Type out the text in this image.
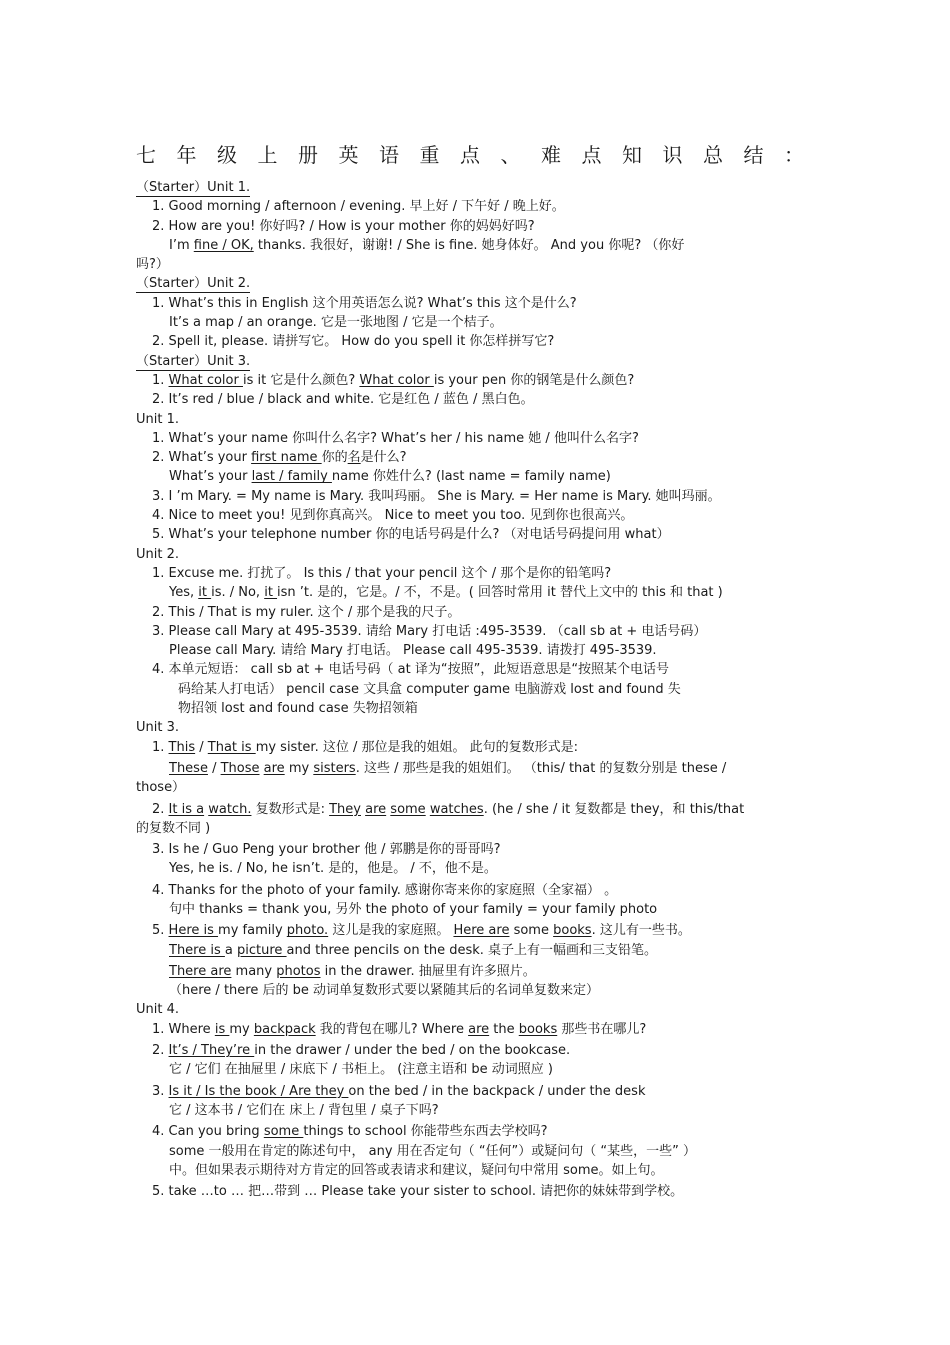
七年级上册英语重点、难点知识总结：
（Starter）Unit 1.
1. Good morning / afternoon / evening. 早上好 / 下午好 / 晚上好。
2. How are you! 你好吗? / How is your mother 你的妈妈好吗?
I’m fine / OK, thanks. 我很好，谢谢! / She is fine. 她身体好。 And you 你呢? （你好
吗?）
（Starter）Unit 2.
1. What’s this in English 这个用英语怎么说? What’s this 这个是什么?
It’s a map / an orange. 它是一张地图 / 它是一个桔子。
2. Spell it, please. 请拼写它。 How do you spell it 你怎样拼写它?
（Starter）Unit 3.
1. What color is it 它是什么颜色? What color is your pen 你的钢笔是什么颜色?
2. It’s red / blue / black and white. 它是红色 / 蓝色 / 黑白色。
Unit 1.
1. What’s your name 你叫什么名字? What’s her / his name 她 / 他叫什么名字?
2. What’s your first name 你的名是什么?
What’s your last / family name 你姓什么? (last name = family name)
3. I ’m Mary. = My name is Mary. 我叫玛丽。 She is Mary. = Her name is Mary. 她叫玛丽。
4. Nice to meet you! 见到你真高兴。 Nice to meet you too. 见到你也很高兴。
5. What’s your telephone number 你的电话号码是什么? （对电话号码提问用 what）
Unit 2.
1. Excuse me. 打扰了。 Is this / that your pencil 这个 / 那个是你的铅笔吗?
Yes, it is. / No, it isn ’t. 是的，它是。/ 不，不是。( 回答时常用 it 替代上文中的 this 和 that )
2. This / That is my ruler. 这个 / 那个是我的尺子。
3. Please call Mary at 495-3539. 请给 Mary 打电话 :495-3539. （call sb at + 电话号码）
Please call Mary. 请给 Mary 打电话。 Please call 495-3539. 请拨打 495-3539.
4. 本单元短语： call sb at + 电话号码（ at 译为“按照”，此短语意思是“按照某个电话号
码给某人打电话） pencil case 文具盒 computer game 电脑游戏 lost and found 失
物招领 lost and found case 失物招领箱
Unit 3.
1. This / That is my sister. 这位 / 那位是我的姐姐。 此句的复数形式是:
These / Those are my sisters. 这些 / 那些是我的姐姐们。 （this/ that 的复数分别是 these /
those）
2. It is a watch. 复数形式是: They are some watches. (he / she / it 复数都是 they，和 this/that
的复数不同 )
3. Is he / Guo Peng your brother 他 / 郭鹏是你的哥哥吗?
Yes, he is. / No, he isn’t. 是的，他是。 / 不，他不是。
4. Thanks for the photo of your family. 感谢你寄来你的家庭照（全家福） 。
句中 thanks = thank you, 另外 the photo of your family = your family photo
5. Here is my family photo. 这儿是我的家庭照。 Here are some books. 这儿有一些书。
There is a picture and three pencils on the desk. 桌子上有一幅画和三支铅笔。
There are many photos in the drawer. 抽屉里有许多照片。
（here / there 后的 be 动词单复数形式要以紧随其后的名词单复数来定）
Unit 4.
1. Where is my backpack 我的背包在哪儿? Where are the books 那些书在哪儿?
2. It’s / They’re in the drawer / under the bed / on the bookcase.
它 / 它们 在抽屉里 / 床底下 / 书柜上。 (注意主语和 be 动词照应 )
3. Is it / Is the book / Are they on the bed / in the backpack / under the desk
它 / 这本书 / 它们在 床上 / 背包里 / 桌子下吗?
4. Can you bring some things to school 你能带些东西去学校吗?
some 一般用在肯定的陈述句中， any 用在否定句（ “任何”）或疑问句（ “某些，一些” ）
中。但如果表示期待对方肯定的回答或表请求和建议，疑问句中常用 some。如上句。
5. take …to … 把…带到 … Please take your sister to school. 请把你的妹妹带到学校。
